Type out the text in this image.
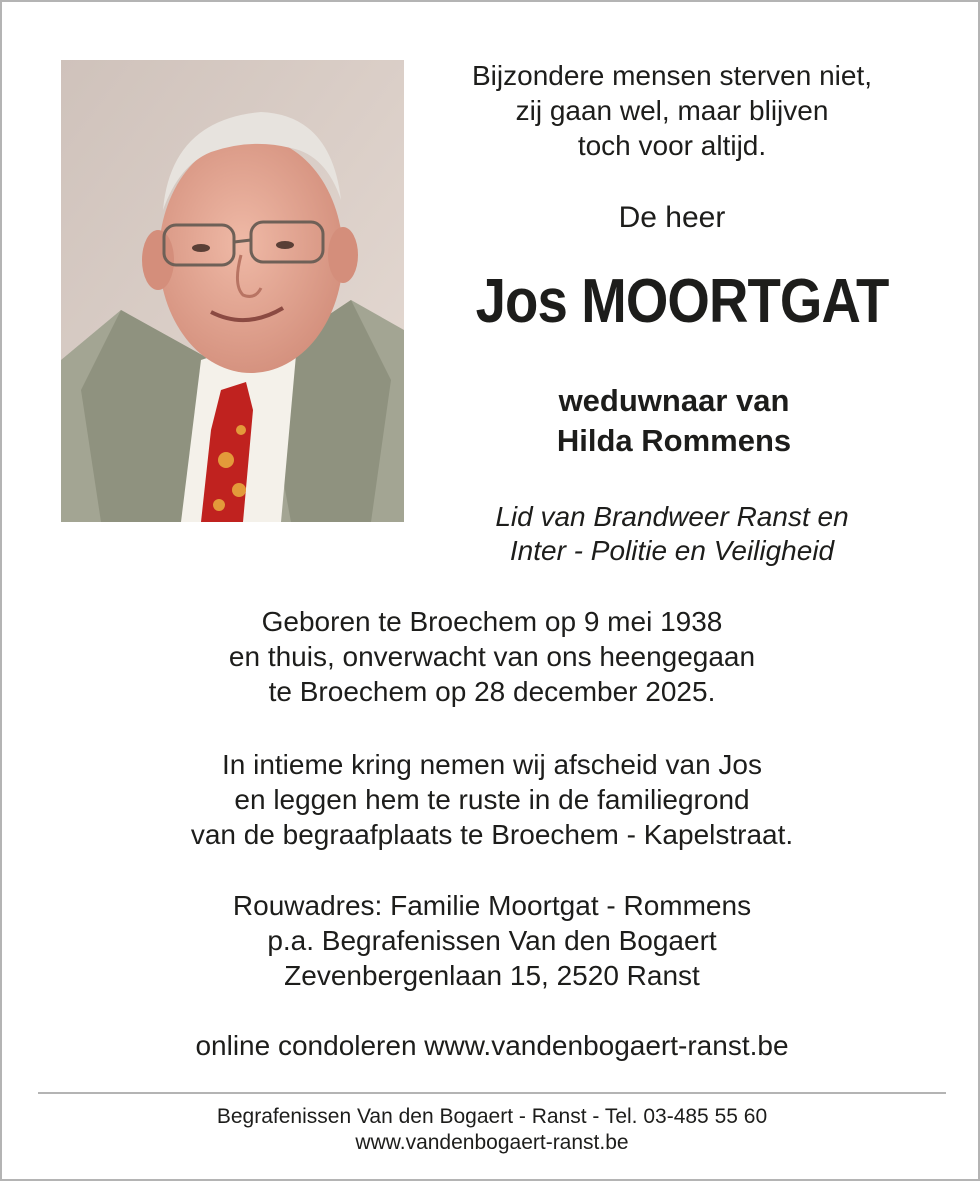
Bijzondere mensen sterven niet,
zij gaan wel, maar blijven
toch voor altijd.
De heer
Jos MOORTGAT
weduwnaar van
Hilda Rommens
Lid van Brandweer Ranst en
Inter - Politie en Veiligheid
Geboren te Broechem op 9 mei 1938
en thuis, onverwacht van ons heengegaan
te Broechem op 28 december 2025.
In intieme kring nemen wij afscheid van Jos
en leggen hem te ruste in de familiegrond
van de begraafplaats te Broechem - Kapelstraat.
Rouwadres: Familie Moortgat - Rommens
p.a. Begrafenissen Van den Bogaert
Zevenbergenlaan 15, 2520 Ranst
online condoleren www.vandenbogaert-ranst.be
Begrafenissen Van den Bogaert - Ranst - Tel. 03-485 55 60
www.vandenbogaert-ranst.be
